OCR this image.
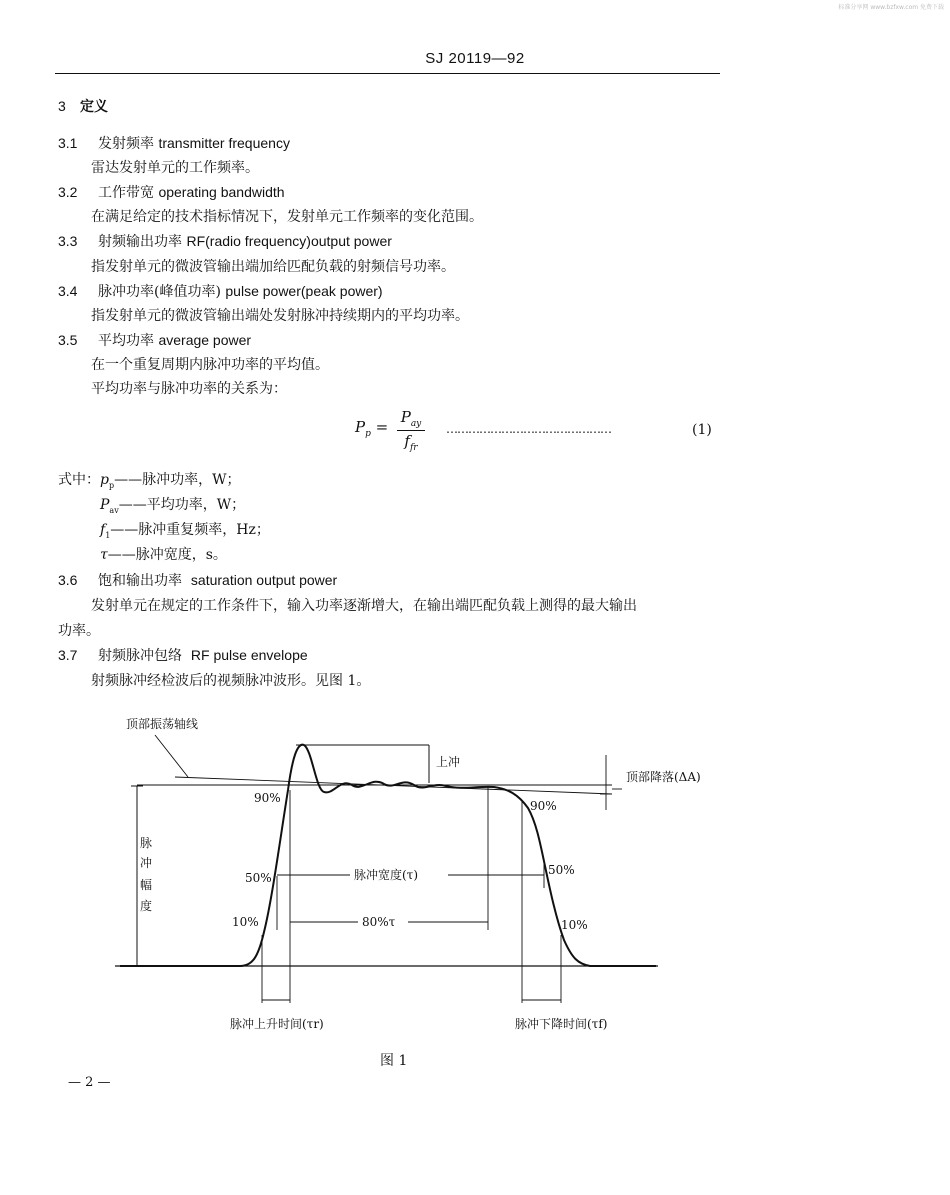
标准分享网 www.bzfxw.com 免费下载
SJ 20119—92
3 定义
3.1 发射频率 transmitter frequency
雷达发射单元的工作频率。
3.2 工作带宽 operating bandwidth
在满足给定的技术指标情况下，发射单元工作频率的变化范围。
3.3 射频输出功率 RF(radio frequency)output power
指发射单元的微波管输出端加给匹配负载的射频信号功率。
3.4 脉冲功率(峰值功率) pulse power(peak power)
指发射单元的微波管输出端处发射脉冲持续期内的平均功率。
3.5 平均功率 average power
在一个重复周期内脉冲功率的平均值。
平均功率与脉冲功率的关系为：
$P_p$ =
$P_{ay}$
$f_{fr}$
………………………………………	(1)
式中：$p_p——$脉冲功率，W；
$P_{av}——$平均功率，W；
$f_1——$脉冲重复频率，Hz；
τ——脉冲宽度，s。
3.6 饱和输出功率 saturation output power
发射单元在规定的工作条件下，输入功率逐渐增大，在输出端匹配负载上测得的最大输出
功率。
3.7 射频脉冲包络 RF pulse envelope
射频脉冲经检波后的视频脉冲波形。见图 1。
顶部振荡轴线
上冲
顶部降落(ΔA)
90%
90%
50%
50%
10%	10%
脉冲宽度(τ)
80%τ
脉
冲
幅
度
脉冲上升时间(τr)	脉冲下降时间(τf)
图 1
— 2 —
